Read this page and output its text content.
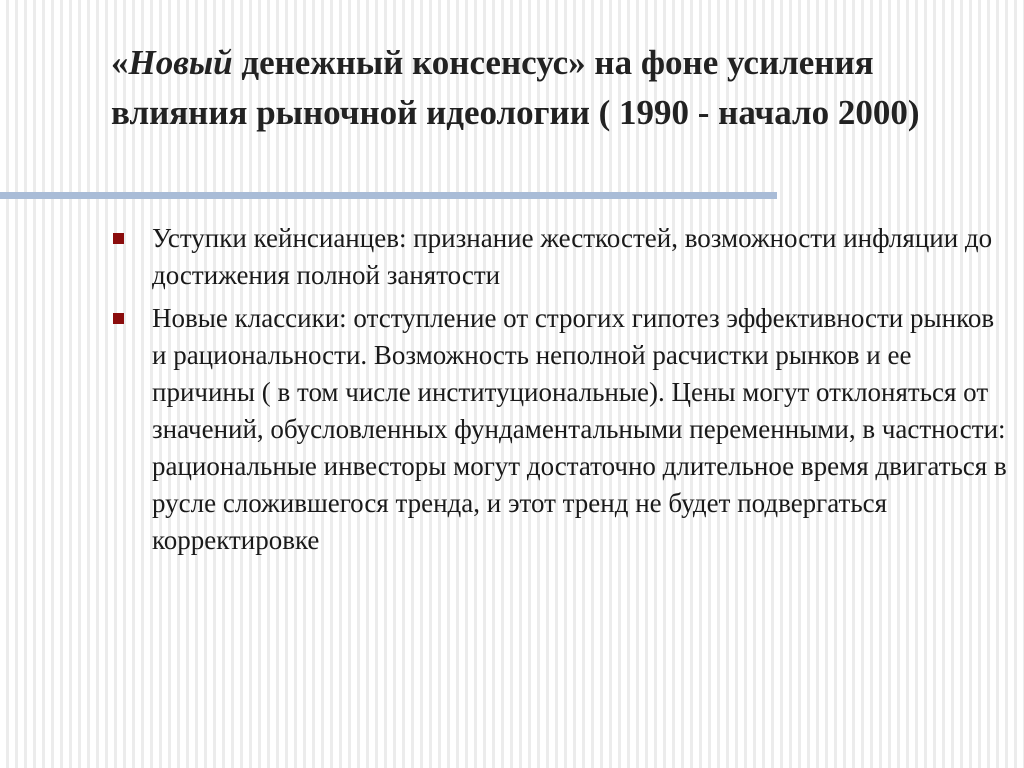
«Новый денежный консенсус» на фоне усиления влияния рыночной идеологии ( 1990 - начало 2000)
Уступки кейнсианцев: признание жесткостей, возможности инфляции до достижения полной занятости
Новые классики: отступление от строгих гипотез эффективности рынков и рациональности. Возможность неполной расчистки рынков и ее причины ( в том числе институциональные). Цены могут отклоняться от значений, обусловленных фундаментальными переменными, в частности: рациональные инвесторы могут достаточно длительное время двигаться в русле сложившегося тренда, и этот тренд не будет подвергаться корректировке
